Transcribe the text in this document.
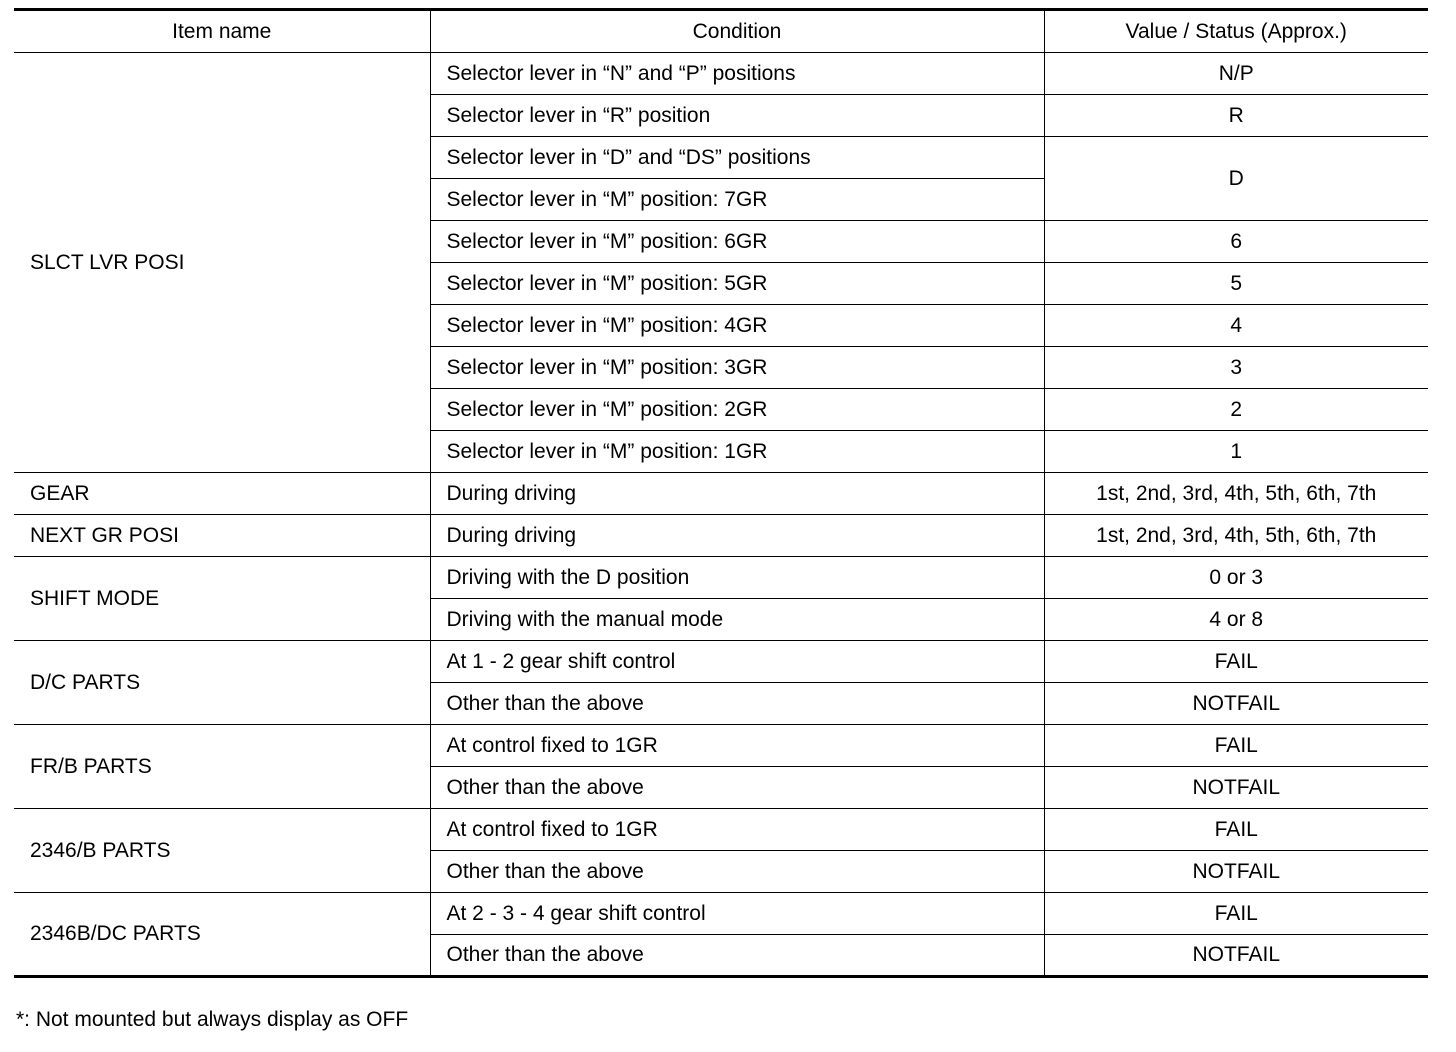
Item name	Condition	Value / Status (Approx.)
SLCT LVR POSI	Selector lever in “N” and “P” positions	N/P
	Selector lever in “R” position	R
	Selector lever in “D” and “DS” positions	D
	Selector lever in “M” position: 7GR	
	Selector lever in “M” position: 6GR	6
	Selector lever in “M” position: 5GR	5
	Selector lever in “M” position: 4GR	4
	Selector lever in “M” position: 3GR	3
	Selector lever in “M” position: 2GR	2
	Selector lever in “M” position: 1GR	1
GEAR	During driving	1st, 2nd, 3rd, 4th, 5th, 6th, 7th
NEXT GR POSI	During driving	1st, 2nd, 3rd, 4th, 5th, 6th, 7th
SHIFT MODE	Driving with the D position	0 or 3
	Driving with the manual mode	4 or 8
D/C PARTS	At 1 - 2 gear shift control	FAIL
	Other than the above	NOTFAIL
FR/B PARTS	At control fixed to 1GR	FAIL
	Other than the above	NOTFAIL
2346/B PARTS	At control fixed to 1GR	FAIL
	Other than the above	NOTFAIL
2346B/DC PARTS	At 2 - 3 - 4 gear shift control	FAIL
	Other than the above	NOTFAIL
*: Not mounted but always display as OFF
